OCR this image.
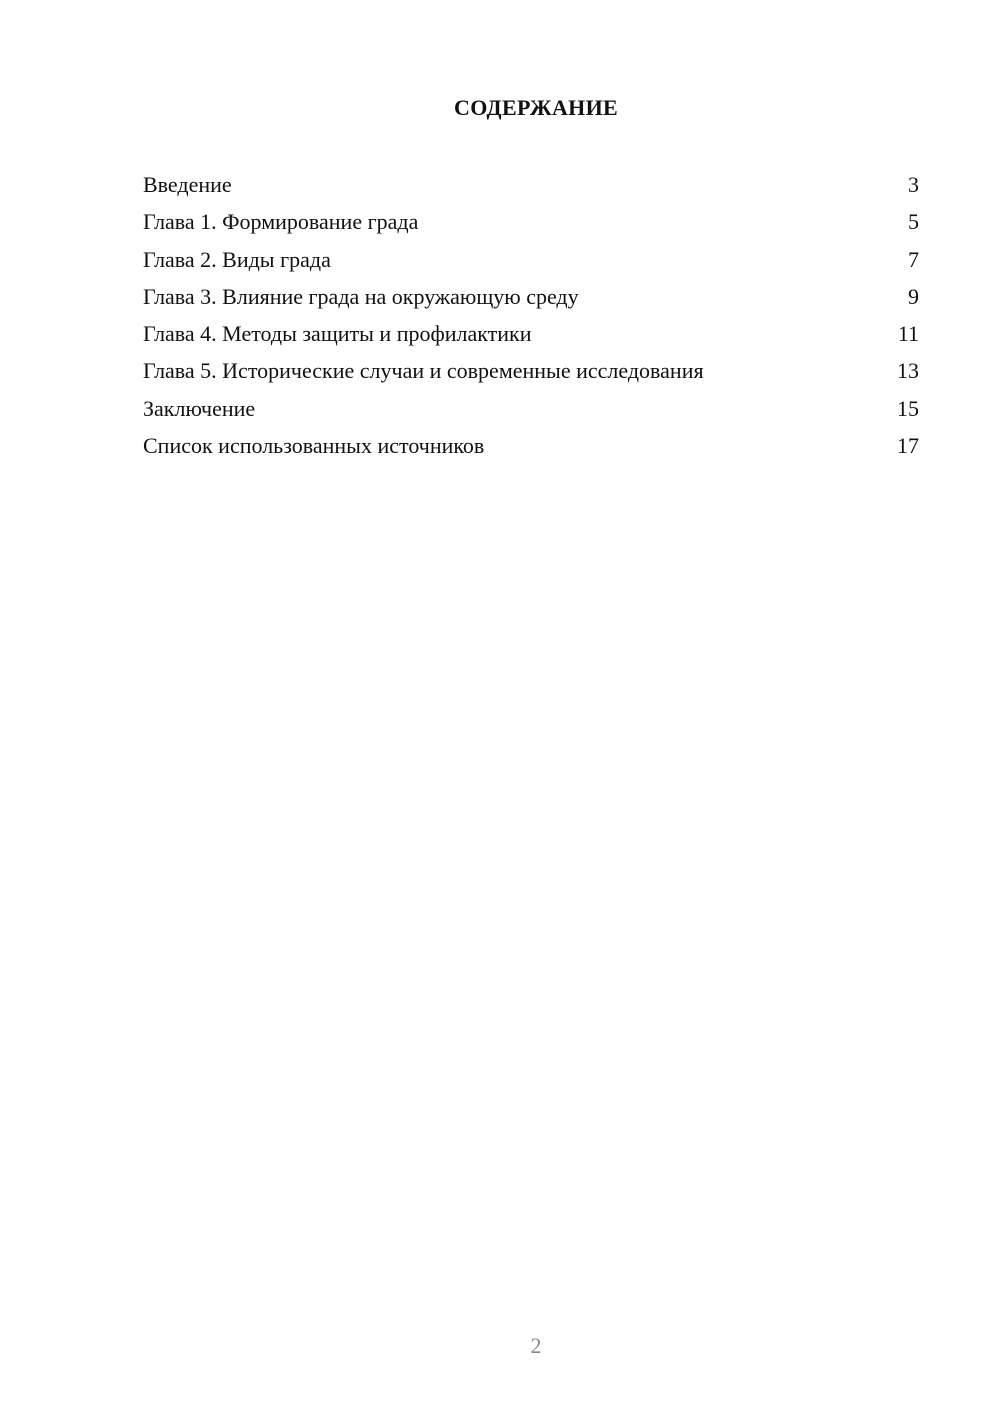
СОДЕРЖАНИЕ
Введение	3
Глава 1. Формирование града	5
Глава 2. Виды града	7
Глава 3. Влияние града на окружающую среду	9
Глава 4. Методы защиты и профилактики	11
Глава 5. Исторические случаи и современные исследования	13
Заключение	15
Список использованных источников	17
2
